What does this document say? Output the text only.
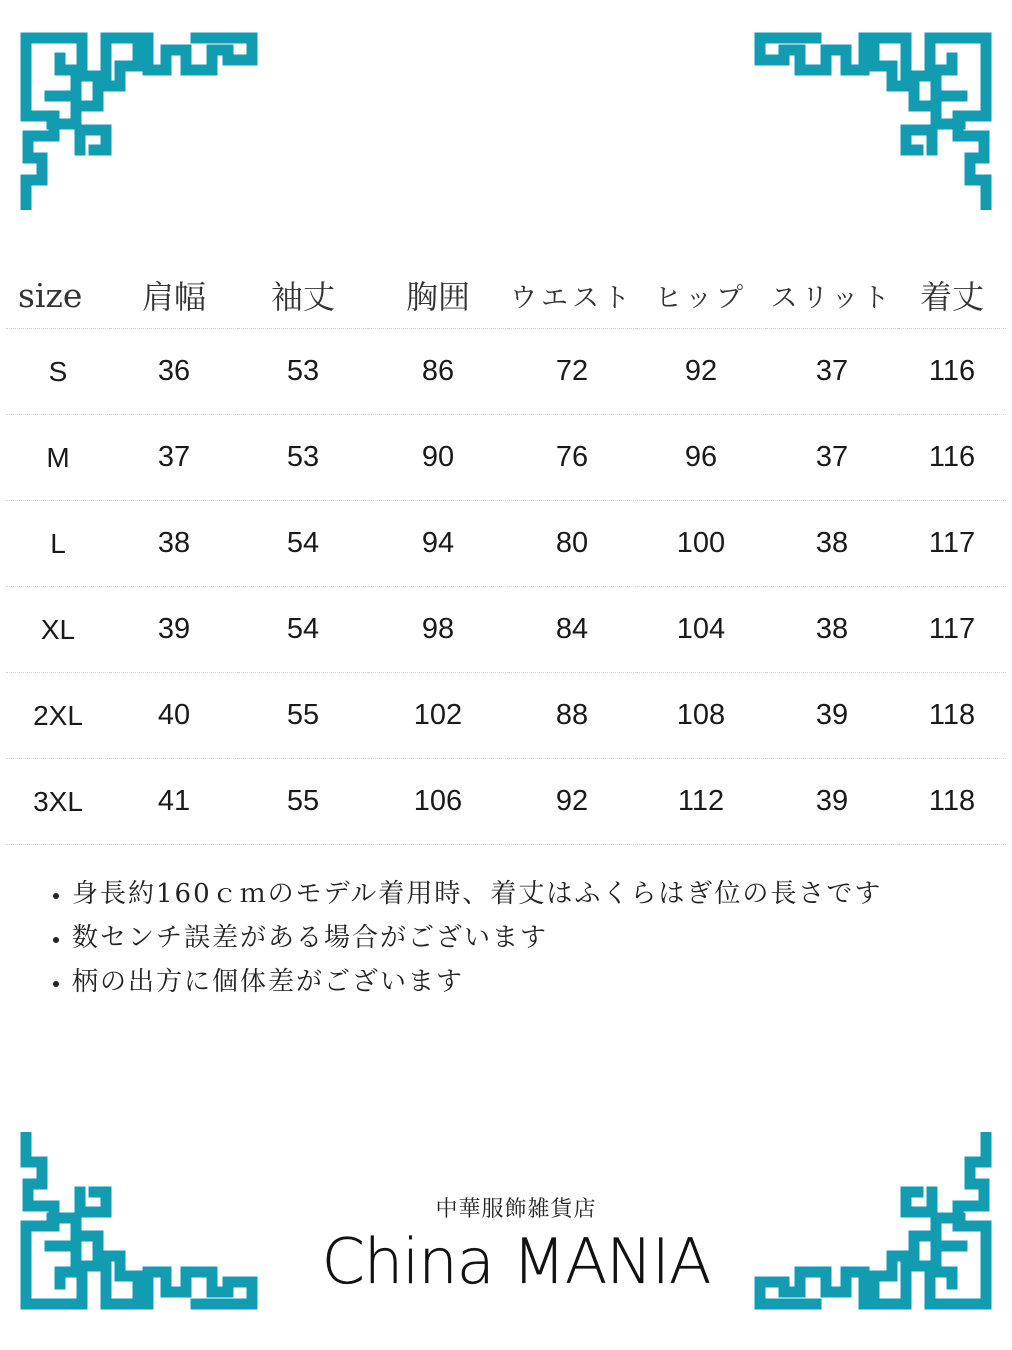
size	肩幅	袖丈	胸囲	ウエスト	ヒップ	スリット	着丈
S	36	53	86	72	92	37	116
M	37	53	90	76	96	37	116
L	38	54	94	80	100	38	117
XL	39	54	98	84	104	38	117
2XL	40	55	102	88	108	39	118
3XL	41	55	106	92	112	39	118
• 身長約160ｃｍのモデル着用時、着丈はふくらはぎ位の長さです
• 数センチ誤差がある場合がございます
• 柄の出方に個体差がございます
中華服飾雑貨店
China MANIA
